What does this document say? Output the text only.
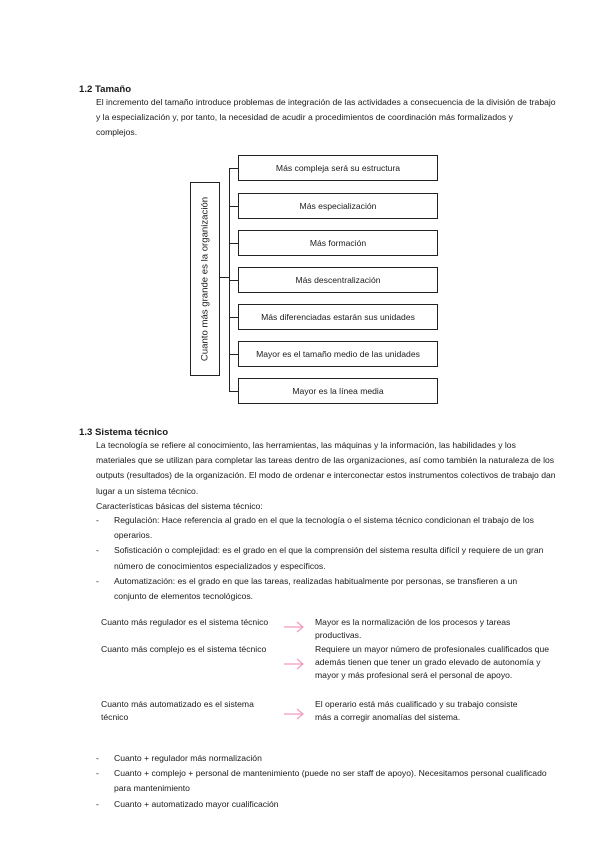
1.2 Tamaño

El incremento del tamaño introduce problemas de integración de las actividades a consecuencia de la división de trabajo y la especialización y, por tanto, la necesidad de acudir a procedimientos de coordinación más formalizados y complejos.

Cuanto más grande es la organización
Más compleja será su estructura
Más especialización
Más formación
Más descentralización
Más diferenciadas estarán sus unidades
Mayor es el tamaño medio de las unidades
Mayor es la línea media
1.3 Sistema técnico

La tecnología se refiere al conocimiento, las herramientas, las máquinas y la información, las habilidades y los materiales que se utilizan para completar las tareas dentro de las organizaciones, así como también la naturaleza de los outputs (resultados) de la organización. El modo de ordenar e interconectar estos instrumentos colectivos de trabajo dan lugar a un sistema técnico.

Características básicas del sistema técnico:

- Regulación: Hace referencia al grado en el que la tecnología o el sistema técnico condicionan el trabajo de los operarios.
- Sofisticación o complejidad: es el grado en el que la comprensión del sistema resulta difícil y requiere de un gran número de conocimientos especializados y específicos.
- Automatización: es el grado en que las tareas, realizadas habitualmente por personas, se transfieren a un conjunto de elementos tecnológicos.
Cuanto más regulador es el sistema técnico	Mayor es la normalización de los procesos y tareas productivas.
Cuanto más complejo es el sistema técnico	Requiere un mayor número de profesionales cualificados que además tienen que tener un grado elevado de autonomía y mayor y más profesional será el personal de apoyo.
Cuanto más automatizado es el sistema técnico
El operario está más cualificado y su trabajo consiste más a corregir anomalías del sistema.
- Cuanto + regulador más normalización
- Cuanto + complejo + personal de mantenimiento (puede no ser staff de apoyo). Necesitamos personal cualificado para mantenimiento
- Cuanto + automatizado mayor cualificación
